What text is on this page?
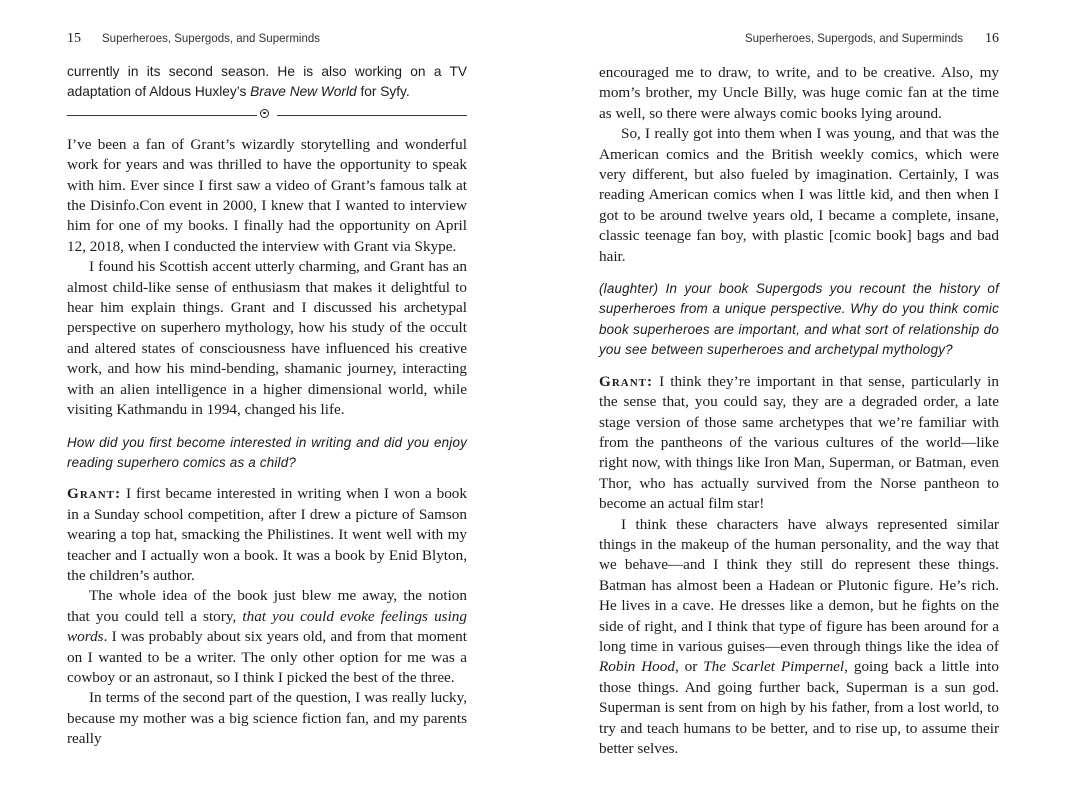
15 Superheroes, Supergods, and Superminds

currently in its second season. He is also working on a TV adaptation of Aldous Huxley’s Brave New World for Syfy.

I’ve been a fan of Grant’s wizardly storytelling and wonderful work for years and was thrilled to have the opportunity to speak with him. Ever since I first saw a video of Grant’s famous talk at the Disinfo.Con event in 2000, I knew that I wanted to interview him for one of my books. I finally had the opportunity on April 12, 2018, when I conducted the interview with Grant via Skype.

I found his Scottish accent utterly charming, and Grant has an almost child-like sense of enthusiasm that makes it delightful to hear him explain things. Grant and I discussed his archetypal perspective on superhero mythology, how his study of the occult and altered states of consciousness have influenced his creative work, and how his mind-bending, shamanic journey, interacting with an alien intelligence in a higher dimensional world, while visiting Kathmandu in 1994, changed his life.

How did you first become interested in writing and did you enjoy reading superhero comics as a child?

Grant: I first became interested in writing when I won a book in a Sunday school competition, after I drew a picture of Samson wearing a top hat, smacking the Philistines. It went well with my teacher and I actually won a book. It was a book by Enid Blyton, the children’s author.

The whole idea of the book just blew me away, the notion that you could tell a story, that you could evoke feelings using words. I was probably about six years old, and from that moment on I wanted to be a writer. The only other option for me was a cowboy or an astronaut, so I think I picked the best of the three.

In terms of the second part of the question, I was really lucky, because my mother was a big science fiction fan, and my parents really

Superheroes, Supergods, and Superminds 16

encouraged me to draw, to write, and to be creative. Also, my mom’s brother, my Uncle Billy, was huge comic fan at the time as well, so there were always comic books lying around.

So, I really got into them when I was young, and that was the American comics and the British weekly comics, which were very different, but also fueled by imagination. Certainly, I was reading American comics when I was little kid, and then when I got to be around twelve years old, I became a complete, insane, classic teenage fan boy, with plastic [comic book] bags and bad hair.

(laughter) In your book Supergods you recount the history of superheroes from a unique perspective. Why do you think comic book superheroes are important, and what sort of relationship do you see between superheroes and archetypal mythology?

Grant: I think they’re important in that sense, particularly in the sense that, you could say, they are a degraded order, a late stage version of those same archetypes that we’re familiar with from the pantheons of the various cultures of the world—like right now, with things like Iron Man, Superman, or Batman, even Thor, who has actually survived from the Norse pantheon to become an actual film star!

I think these characters have always represented similar things in the makeup of the human personality, and the way that we behave—and I think they still do represent these things. Batman has almost been a Hadean or Plutonic figure. He’s rich. He lives in a cave. He dresses like a demon, but he fights on the side of right, and I think that type of figure has been around for a long time in various guises—even through things like the idea of Robin Hood, or The Scarlet Pimpernel, going back a little into those things. And going further back, Superman is a sun god. Superman is sent from on high by his father, from a lost world, to try and teach humans to be better, and to rise up, to assume their better selves.
